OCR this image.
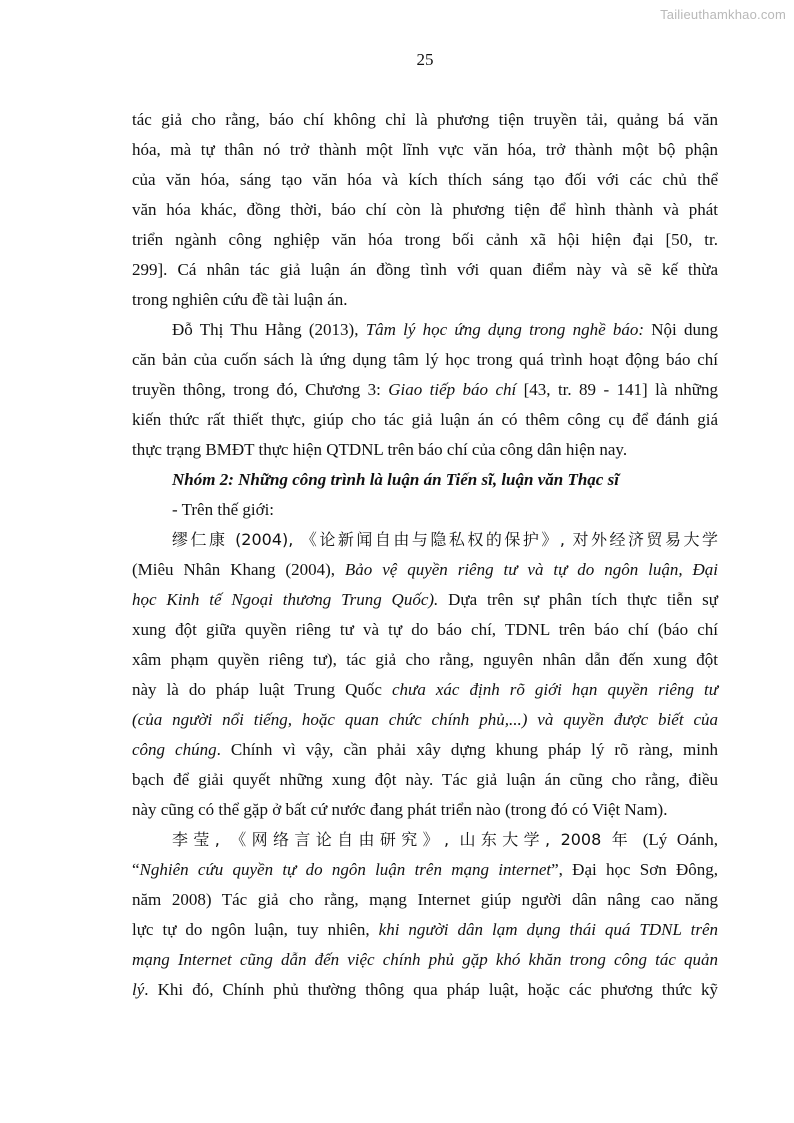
Tailieuthamkhao.com
25
tác giả cho rằng, báo chí không chỉ là phương tiện truyền tải, quảng bá văn
hóa, mà tự thân nó trở thành một lĩnh vực văn hóa, trở thành một bộ phận
của văn hóa, sáng tạo văn hóa và kích thích sáng tạo đối với các chủ thể
văn hóa khác, đồng thời, báo chí còn là phương tiện để hình thành và phát
triển ngành công nghiệp văn hóa trong bối cảnh xã hội hiện đại [50, tr.
299]. Cá nhân tác giả luận án đồng tình với quan điểm này và sẽ kế thừa
trong nghiên cứu đề tài luận án.
Đỗ Thị Thu Hằng (2013), Tâm lý học ứng dụng trong nghề báo: Nội dung
căn bản của cuốn sách là ứng dụng tâm lý học trong quá trình hoạt động báo chí
truyền thông, trong đó, Chương 3: Giao tiếp báo chí [43, tr. 89 - 141] là những
kiến thức rất thiết thực, giúp cho tác giả luận án có thêm công cụ để đánh giá
thực trạng BMĐT thực hiện QTDNL trên báo chí của công dân hiện nay.
Nhóm 2: Những công trình là luận án Tiến sĩ, luận văn Thạc sĩ
- Trên thế giới:
缪仁康 (2004), 《论新闻自由与隐私权的保护》, 对外经济贸易大学
(Miêu Nhân Khang (2004), Bảo vệ quyền riêng tư và tự do ngôn luận, Đại
học Kinh tế Ngoại thương Trung Quốc). Dựa trên sự phân tích thực tiễn sự
xung đột giữa quyền riêng tư và tự do báo chí, TDNL trên báo chí (báo chí
xâm phạm quyền riêng tư), tác giả cho rằng, nguyên nhân dẫn đến xung đột
này là do pháp luật Trung Quốc chưa xác định rõ giới hạn quyền riêng tư
(của người nổi tiếng, hoặc quan chức chính phủ,...) và quyền được biết của
công chúng. Chính vì vậy, cần phải xây dựng khung pháp lý rõ ràng, minh
bạch để giải quyết những xung đột này. Tác giả luận án cũng cho rằng, điều
này cũng có thể gặp ở bất cứ nước đang phát triển nào (trong đó có Việt Nam).
李莹, 《网络言论自由研究》, 山东大学, 2008 年 (Lý Oánh,
“Nghiên cứu quyền tự do ngôn luận trên mạng internet”, Đại học Sơn Đông,
năm 2008) Tác giả cho rằng, mạng Internet giúp người dân nâng cao năng
lực tự do ngôn luận, tuy nhiên, khi người dân lạm dụng thái quá TDNL trên
mạng Internet cũng dẫn đến việc chính phủ gặp khó khăn trong công tác quản
lý. Khi đó, Chính phủ thường thông qua pháp luật, hoặc các phương thức kỹ
